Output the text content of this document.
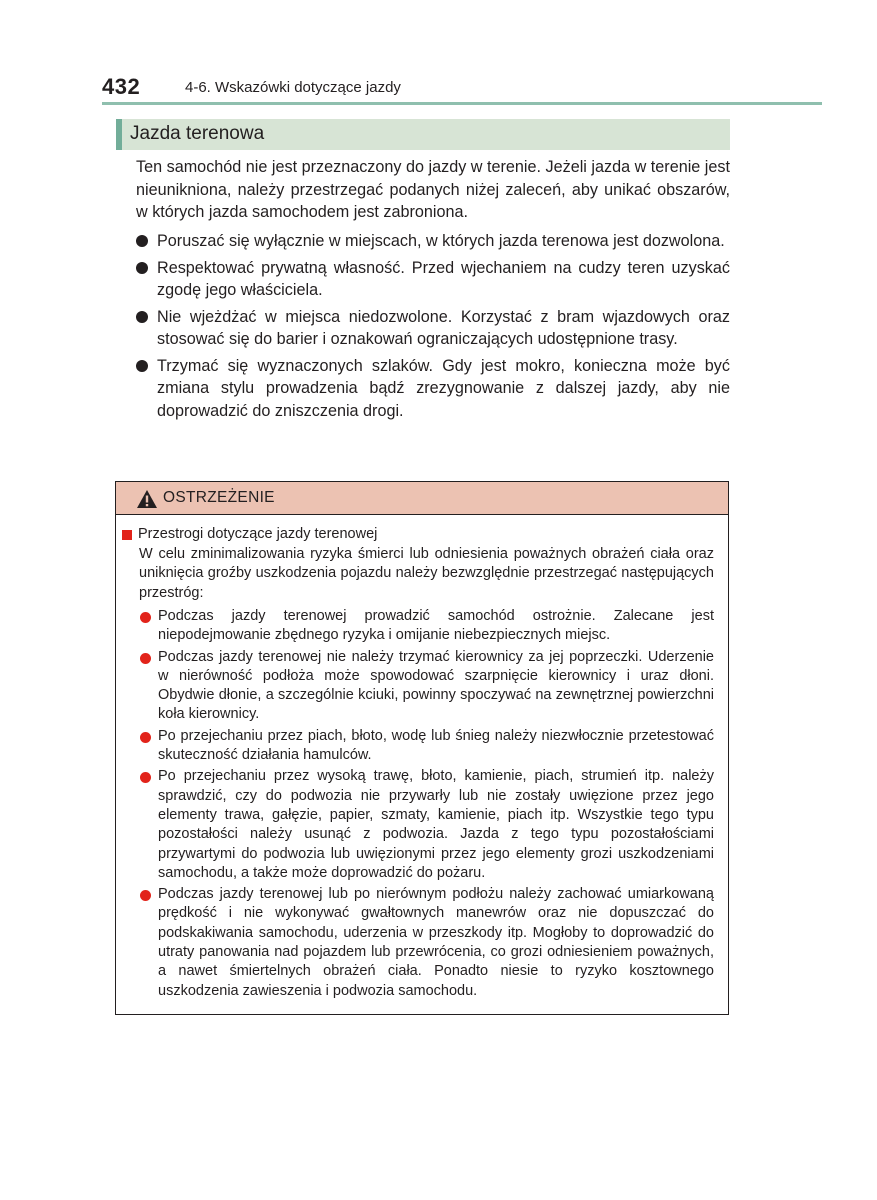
432	4-6. Wskazówki dotyczące jazdy
Jazda terenowa

Ten samochód nie jest przeznaczony do jazdy w terenie. Jeżeli jazda w terenie jest nieunikniona, należy przestrzegać podanych niżej zaleceń, aby unikać obszarów, w których jazda samochodem jest zabroniona.

Poruszać się wyłącznie w miejscach, w których jazda terenowa jest dozwolona.
Respektować prywatną własność. Przed wjechaniem na cudzy teren uzyskać zgodę jego właściciela.
Nie wjeżdżać w miejsca niedozwolone. Korzystać z bram wjazdowych oraz stosować się do barier i oznakowań ograniczających udostępnione trasy.
Trzymać się wyznaczonych szlaków. Gdy jest mokro, konieczna może być zmiana stylu prowadzenia bądź zrezygnowanie z dalszej jazdy, aby nie doprowadzić do zniszczenia drogi.
OSTRZEŻENIE
Przestrogi dotyczące jazdy terenowej

W celu zminimalizowania ryzyka śmierci lub odniesienia poważnych obrażeń ciała oraz uniknięcia groźby uszkodzenia pojazdu należy bezwzględnie przestrzegać następujących przestróg:

Podczas jazdy terenowej prowadzić samochód ostrożnie. Zalecane jest niepodejmowanie zbędnego ryzyka i omijanie niebezpiecznych miejsc.
Podczas jazdy terenowej nie należy trzymać kierownicy za jej poprzeczki. Uderzenie w nierówność podłoża może spowodować szarpnięcie kierownicy i uraz dłoni. Obydwie dłonie, a szczególnie kciuki, powinny spoczywać na zewnętrznej powierzchni koła kierownicy.
Po przejechaniu przez piach, błoto, wodę lub śnieg należy niezwłocznie przetestować skuteczność działania hamulców.
Po przejechaniu przez wysoką trawę, błoto, kamienie, piach, strumień itp. należy sprawdzić, czy do podwozia nie przywarły lub nie zostały uwięzione przez jego elementy trawa, gałęzie, papier, szmaty, kamienie, piach itp. Wszystkie tego typu pozostałości należy usunąć z podwozia. Jazda z tego typu pozostałościami przywartymi do podwozia lub uwięzionymi przez jego elementy grozi uszkodzeniami samochodu, a także może doprowadzić do pożaru.
Podczas jazdy terenowej lub po nierównym podłożu należy zachować umiarkowaną prędkość i nie wykonywać gwałtownych manewrów oraz nie dopuszczać do podskakiwania samochodu, uderzenia w przeszkody itp. Mogłoby to doprowadzić do utraty panowania nad pojazdem lub przewrócenia, co grozi odniesieniem poważnych, a nawet śmiertelnych obrażeń ciała. Ponadto niesie to ryzyko kosztownego uszkodzenia zawieszenia i podwozia samochodu.
